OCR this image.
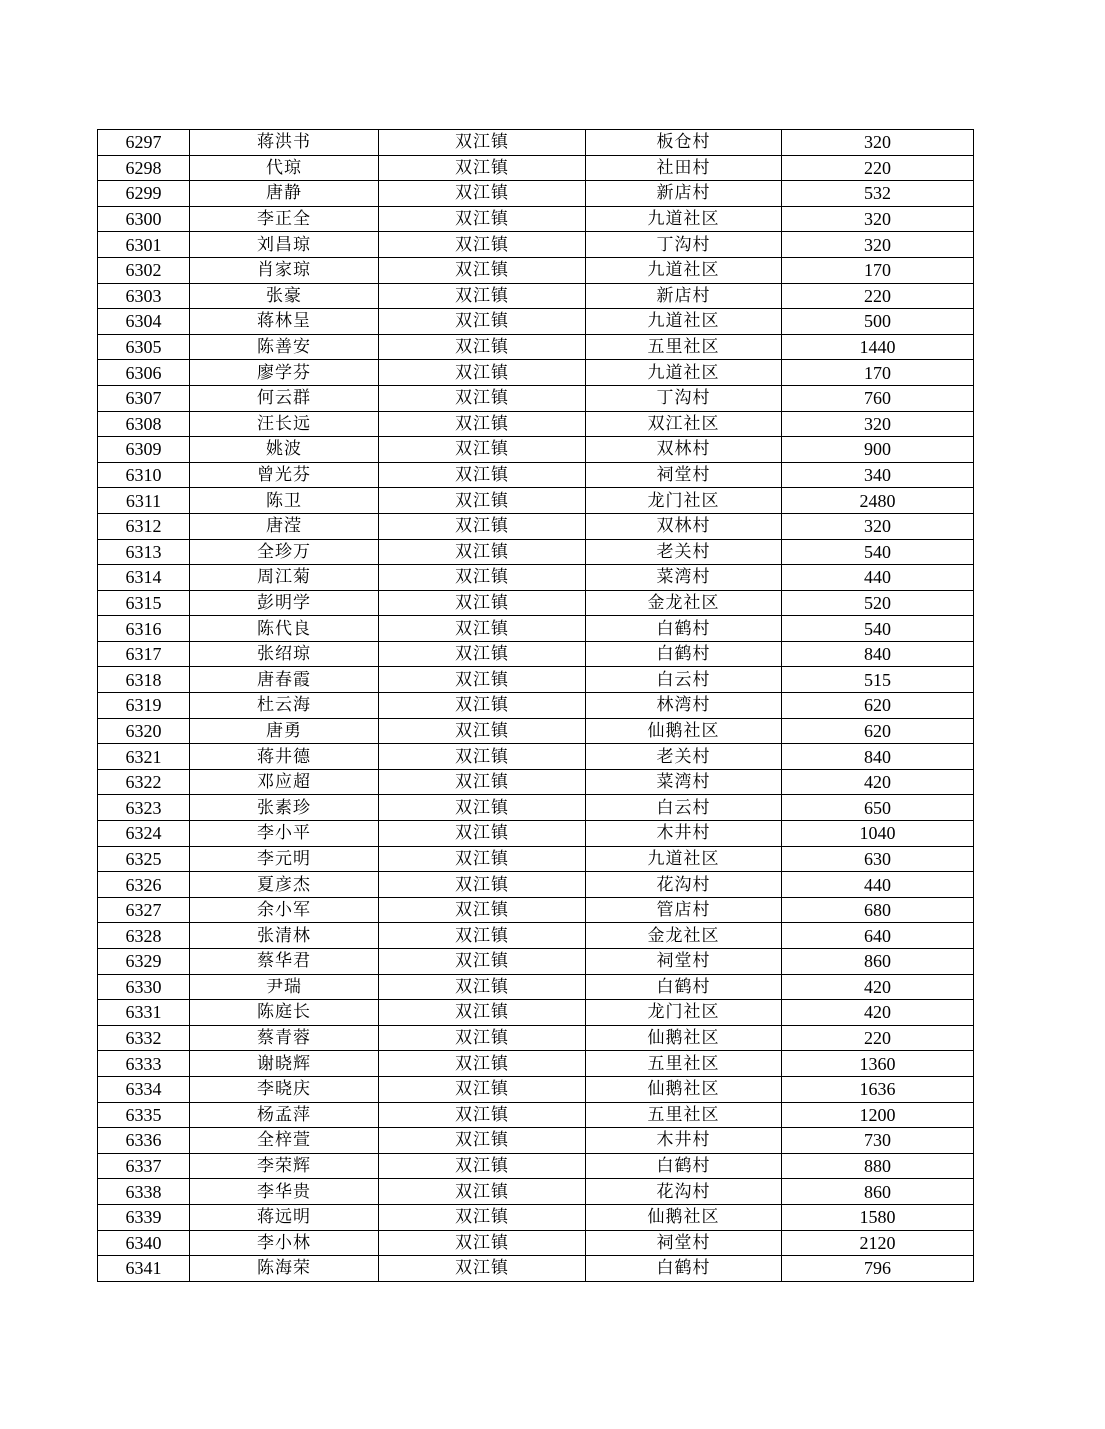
6297	蒋洪书	双江镇	板仓村	320
6298	代琼	双江镇	社田村	220
6299	唐静	双江镇	新店村	532
6300	李正全	双江镇	九道社区	320
6301	刘昌琼	双江镇	丁沟村	320
6302	肖家琼	双江镇	九道社区	170
6303	张豪	双江镇	新店村	220
6304	蒋林呈	双江镇	九道社区	500
6305	陈善安	双江镇	五里社区	1440
6306	廖学芬	双江镇	九道社区	170
6307	何云群	双江镇	丁沟村	760
6308	汪长远	双江镇	双江社区	320
6309	姚波	双江镇	双林村	900
6310	曾光芬	双江镇	祠堂村	340
6311	陈卫	双江镇	龙门社区	2480
6312	唐滢	双江镇	双林村	320
6313	全珍万	双江镇	老关村	540
6314	周江菊	双江镇	菜湾村	440
6315	彭明学	双江镇	金龙社区	520
6316	陈代良	双江镇	白鹤村	540
6317	张绍琼	双江镇	白鹤村	840
6318	唐春霞	双江镇	白云村	515
6319	杜云海	双江镇	林湾村	620
6320	唐勇	双江镇	仙鹅社区	620
6321	蒋井德	双江镇	老关村	840
6322	邓应超	双江镇	菜湾村	420
6323	张素珍	双江镇	白云村	650
6324	李小平	双江镇	木井村	1040
6325	李元明	双江镇	九道社区	630
6326	夏彦杰	双江镇	花沟村	440
6327	余小军	双江镇	管店村	680
6328	张清林	双江镇	金龙社区	640
6329	蔡华君	双江镇	祠堂村	860
6330	尹瑞	双江镇	白鹤村	420
6331	陈庭长	双江镇	龙门社区	420
6332	蔡青蓉	双江镇	仙鹅社区	220
6333	谢晓辉	双江镇	五里社区	1360
6334	李晓庆	双江镇	仙鹅社区	1636
6335	杨孟萍	双江镇	五里社区	1200
6336	全梓萱	双江镇	木井村	730
6337	李荣辉	双江镇	白鹤村	880
6338	李华贵	双江镇	花沟村	860
6339	蒋远明	双江镇	仙鹅社区	1580
6340	李小林	双江镇	祠堂村	2120
6341	陈海荣	双江镇	白鹤村	796
